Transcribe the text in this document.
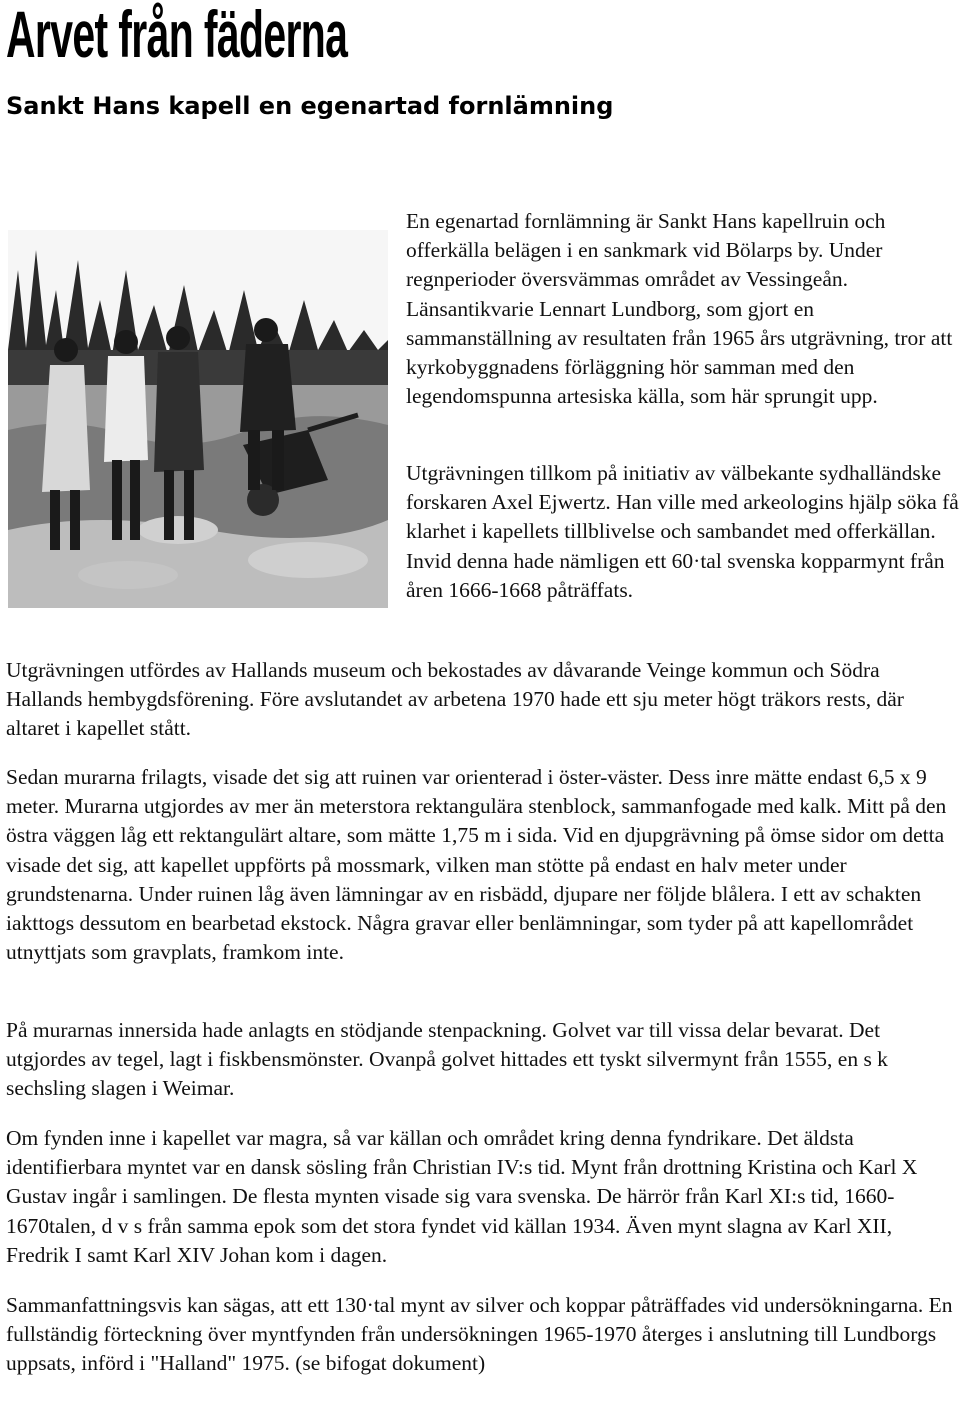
Arvet från fäderna
Sankt Hans kapell en egenartad fornlämning

En egenartad fornlämning är Sankt Hans kapellruin och offerkälla belägen i en sankmark vid Bölarps by. Under regnperioder översvämmas området av Vessingeån. Länsantikvarie Lennart Lundborg, som gjort en sammanställning av resultaten från 1965 års utgrävning, tror att kyrkobyggnadens förläggning hör samman med den legendomspunna artesiska källa, som här sprungit upp.

Utgrävningen tillkom på initiativ av välbekante sydhalländske forskaren Axel Ejwertz. Han ville med arkeologins hjälp söka få klarhet i kapellets tillblivelse och sambandet med offerkällan. Invid denna hade nämligen ett 60·tal svenska kopparmynt från åren 1666-1668 påträffats.

Utgrävningen utfördes av Hallands museum och bekostades av dåvarande Veinge kommun och Södra Hallands hembygdsförening. Före avslutandet av arbetena 1970 hade ett sju meter högt träkors rests, där altaret i kapellet stått.

Sedan murarna frilagts, visade det sig att ruinen var orienterad i öster-väster. Dess inre mätte endast 6,5 x 9 meter. Murarna utgjordes av mer än meterstora rektangulära stenblock, sammanfogade med kalk. Mitt på den östra väggen låg ett rektangulärt altare, som mätte 1,75 m i sida. Vid en djupgrävning på ömse sidor om detta visade det sig, att kapellet uppförts på mossmark, vilken man stötte på endast en halv meter under grundstenarna. Under ruinen låg även lämningar av en risbädd, djupare ner följde blålera. I ett av schakten iakttogs dessutom en bearbetad ekstock. Några gravar eller benlämningar, som tyder på att kapellområdet utnyttjats som gravplats, framkom inte.

På murarnas innersida hade anlagts en stödjande stenpackning. Golvet var till vissa delar bevarat. Det utgjordes av tegel, lagt i fiskbensmönster. Ovanpå golvet hittades ett tyskt silvermynt från 1555, en s k sechsling slagen i Weimar.

Om fynden inne i kapellet var magra, så var källan och området kring denna fyndrikare. Det äldsta identifierbara myntet var en dansk sösling från Christian IV:s tid. Mynt från drottning Kristina och Karl X Gustav ingår i samlingen. De flesta mynten visade sig vara svenska. De härrör från Karl XI:s tid, 1660-1670talen, d v s från samma epok som det stora fyndet vid källan 1934. Även mynt slagna av Karl XII, Fredrik I samt Karl XIV Johan kom i dagen.

Sammanfattningsvis kan sägas, att ett 130·tal mynt av silver och koppar påträffades vid undersökningarna. En fullständig förteckning över myntfynden från undersökningen 1965-1970 återges i anslutning till Lundborgs uppsats, införd i "Halland" 1975. (se bifogat dokument)
